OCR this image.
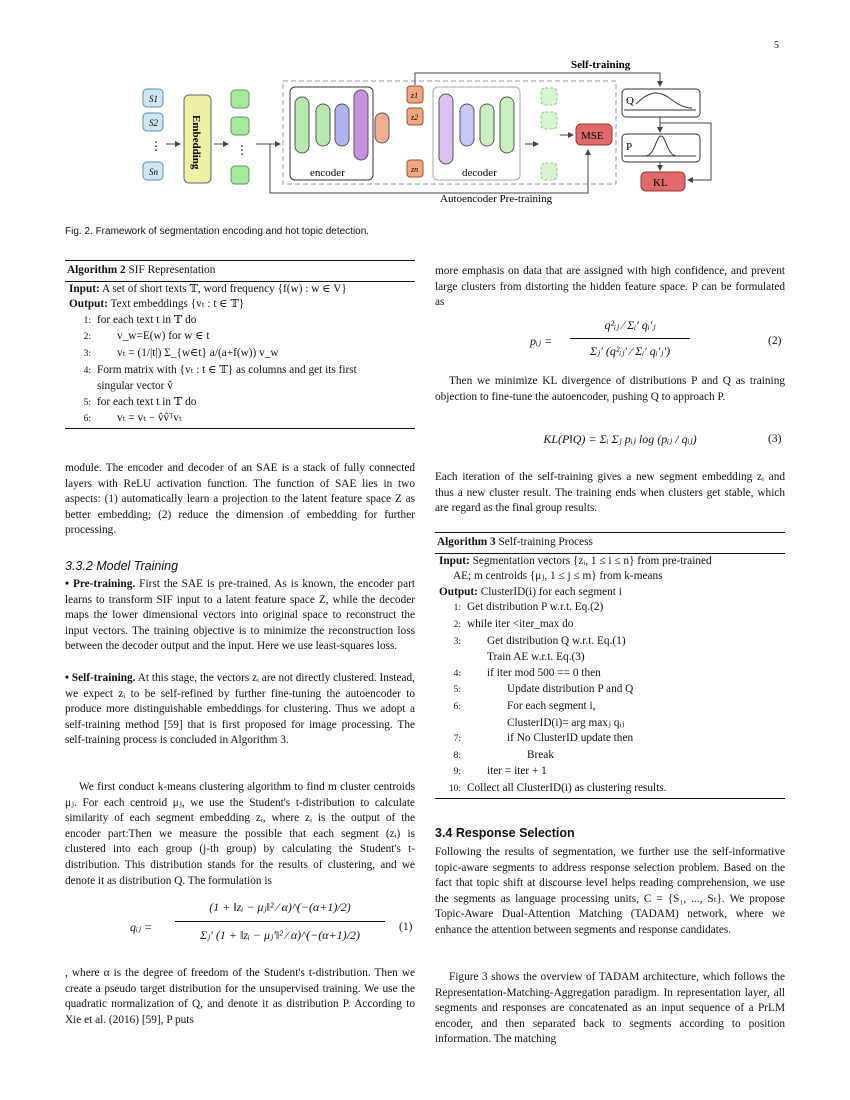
5
S1
S2
Sn
⋮	Embedding	⋮
encoder	decoder
z1
z2
zn
MSE
Self-training
Q
P
KL
Autoencoder Pre-training
Fig. 2. Framework of segmentation encoding and hot topic detection.
Algorithm 2 SIF Representation
Input: A set of short texts 𝕋, word frequency {f(w) : w ∈ V}
Output: Text embeddings {vₜ : t ∈ 𝕋}
1: for each text t in 𝕋 do
2: v_w=E(w) for w ∈ t
3: vₜ = (1/|t|) Σ_{w∈t} a/(a+f(w)) v_w
4: Form matrix with {vₜ : t ∈ 𝕋} as columns and get its first
singular vector v̂
5: for each text t in 𝕋 do
6: vₜ = vₜ − v̂v̂ᵀvₜ
module. The encoder and decoder of an SAE is a stack of fully connected layers with ReLU activation function. The function of SAE lies in two aspects: (1) automatically learn a projection to the latent feature space Z as better embedding; (2) reduce the dimension of embedding for further processing.
3.3.2 Model Training
• Pre-training. First the SAE is pre-trained. As is known, the encoder part learns to transform SIF input to a latent feature space Z, while the decoder maps the lower dimensional vectors into original space to reconstruct the input vectors. The training objective is to minimize the reconstruction loss between the decoder output and the input. Here we use least-squares loss.
• Self-training. At this stage, the vectors zᵢ are not directly clustered. Instead, we expect zᵢ to be self-refined by further fine-tuning the autoencoder to produce more distinguishable embeddings for clustering. Thus we adopt a self-training method [59] that is first proposed for image processing. The self-training process is concluded in Algorithm 3.
We first conduct k-means clustering algorithm to find m cluster centroids μⱼ. For each centroid μⱼ, we use the Student's t-distribution to calculate similarity of each segment embedding zᵢ, where zᵢ is the output of the encoder part:Then we measure the possible that each segment (zᵢ) is clustered into each group (j-th group) by calculating the Student's t-distribution. This distribution stands for the results of clustering, and we denote it as distribution Q. The formulation is
qᵢⱼ =
(1 + ‖zᵢ − μⱼ‖² ⁄ α)^(−(α+1)/2)
Σⱼ′ (1 + ‖zᵢ − μⱼ′‖² ⁄ α)^(−(α+1)/2)
(1)
, where α is the degree of freedom of the Student's t-distribution. Then we create a pseudo target distribution for the unsupervised training. We use the quadratic normalization of Q, and denote it as distribution P. According to Xie et al. (2016) [59], P puts
more emphasis on data that are assigned with high confidence, and prevent large clusters from distorting the hidden feature space. P can be formulated as
pᵢⱼ =
q²ᵢⱼ ⁄ Σᵢ′ qᵢ′ⱼ
Σⱼ′ (q²ᵢⱼ′ ⁄ Σᵢ′ qᵢ′ⱼ′)
(2)
Then we minimize KL divergence of distributions P and Q as training objection to fine-tune the autoencoder, pushing Q to approach P.
KL(P‖Q) = Σᵢ Σⱼ pᵢⱼ log (pᵢⱼ / qᵢⱼ)	(3)
Each iteration of the self-training gives a new segment embedding zᵢ and thus a new cluster result. The training ends when clusters get stable, which are regard as the final group results.
Algorithm 3 Self-training Process
Input: Segmentation vectors {zᵢ, 1 ≤ i ≤ n} from pre-trained
AE; m centroids {μⱼ, 1 ≤ j ≤ m} from k-means
Output: ClusterID(i) for each segment i
1: Get distribution P w.r.t. Eq.(2)
2: while iter <iter_max do
3: Get distribution Q w.r.t. Eq.(1)
Train AE w.r.t. Eq.(3)
4: if iter mod 500 == 0 then
5:	Update distribution P and Q
6:	For each segment i,
ClusterID(i)= arg maxⱼ qᵢⱼ
7:	if No ClusterID update then
8:	Break
9: iter = iter + 1
10: Collect all ClusterID(i) as clustering results.
3.4 Response Selection
Following the results of segmentation, we further use the self-informative topic-aware segments to address response selection problem. Based on the fact that topic shift at discourse level helps reading comprehension, we use the segments as language processing units, C = {S₁, ..., Sₜ}. We propose Topic-Aware Dual-Attention Matching (TADAM) network, where we enhance the attention between segments and response candidates.
Figure 3 shows the overview of TADAM architecture, which follows the Representation-Matching-Aggregation paradigm. In representation layer, all segments and responses are concatenated as an input sequence of a PrLM encoder, and then separated back to segments according to position information. The matching
